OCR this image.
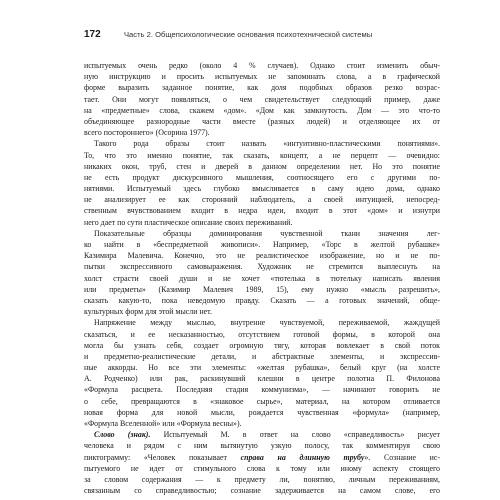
172	Часть 2. Общепсихологические основания психотехнической системы
испытуемых очень редко (около 4 % случаев). Однако стоит изменить обыч-
ную инструкцию и просить испытуемых не запоминать слова, а в графической
форме выразить заданное понятие, как доля подобных образов резко возрас-
тает. Они могут появляться, о чем свидетельствует следующий пример, даже
на «предметные» слова, скажем «дом». «Дом как замкнутость. Дом — это что-то
объединяющее разнородные части вместе (разных людей) и отделяющее их от
всего постороннего» (Осорина 1977).
Такого рода образы стоит назвать «интуитивно-пластическими понятиями».
То, что это именно понятие, так сказать, концепт, а не перцепт — очевидно:
никаких окон, труб, стен и дверей в данном определении нет. Но это понятие
не есть продукт дискурсивного мышления, соотносящего его с другими по-
нятиями. Испытуемый здесь глубоко вмысливается в саму идею дома, однако
не анализирует ее как сторонний наблюдатель, а своей интуицией, непосред-
ственным вчувствованием входит в недра идеи, входит в этот «дом» и изнутри
него дает по сути пластическое описание своих переживаний.
Показательные образцы доминирования чувственной ткани значения лег-
ко найти в «беспредметной живописи». Например, «Торс в желтой рубашке»
Казимира Малевича. Конечно, это не реалистическое изображение, но и не по-
пытки экспрессивного самовыражения. Художник не стремится выплеснуть на
холст страсти своей души и не хочет «тютелька в тютельку написать явления
или предметы» (Казимир Малевич 1989, 15), ему нужно «мысль разрешить»,
сказать какую-то, пока неведомую правду. Сказать — а готовых значений, обще-
культурных форм для этой мысли нет.
Напряжение между мыслью, внутренне чувствуемой, переживаемой, жаждущей
сказаться, и ее несказанностью, отсутствием готовой формы, в которой она
могла бы узнать себя, создает огромную тягу, которая вовлекает в свой поток
и предметно-реалистические детали, и абстрактные элементы, и экспрессив-
ные аккорды. Но все эти элементы: «желтая рубашка», белый круг (на холсте
А. Родченко) или рак, раскинувший клешни в центре полотна П. Филонова
«Формула расцвета. Последняя стадия коммунизма», — начинают говорить не
о себе, превращаются в «знаковое сырье», материал, на котором отливается
новая форма для новой мысли, рождается чувственная «формула» (например,
«Формула Вселенной» или «Формула весны»).
Слово (знак). Испытуемый М. в ответ на слово «справедливость» рисует
человека и рядом с ним вытянутую узкую полосу, так комментируя свою
пиктограмму: «Человек показывает справа на длинную трубу». Сознание ис-
пытуемого не идет от стимульного слова к тому или иному аспекту стоящего
за словом содержания — к предмету ли, понятию, личным переживаниям,
связанным со справедливостью; сознание задерживается на самом слове, его
